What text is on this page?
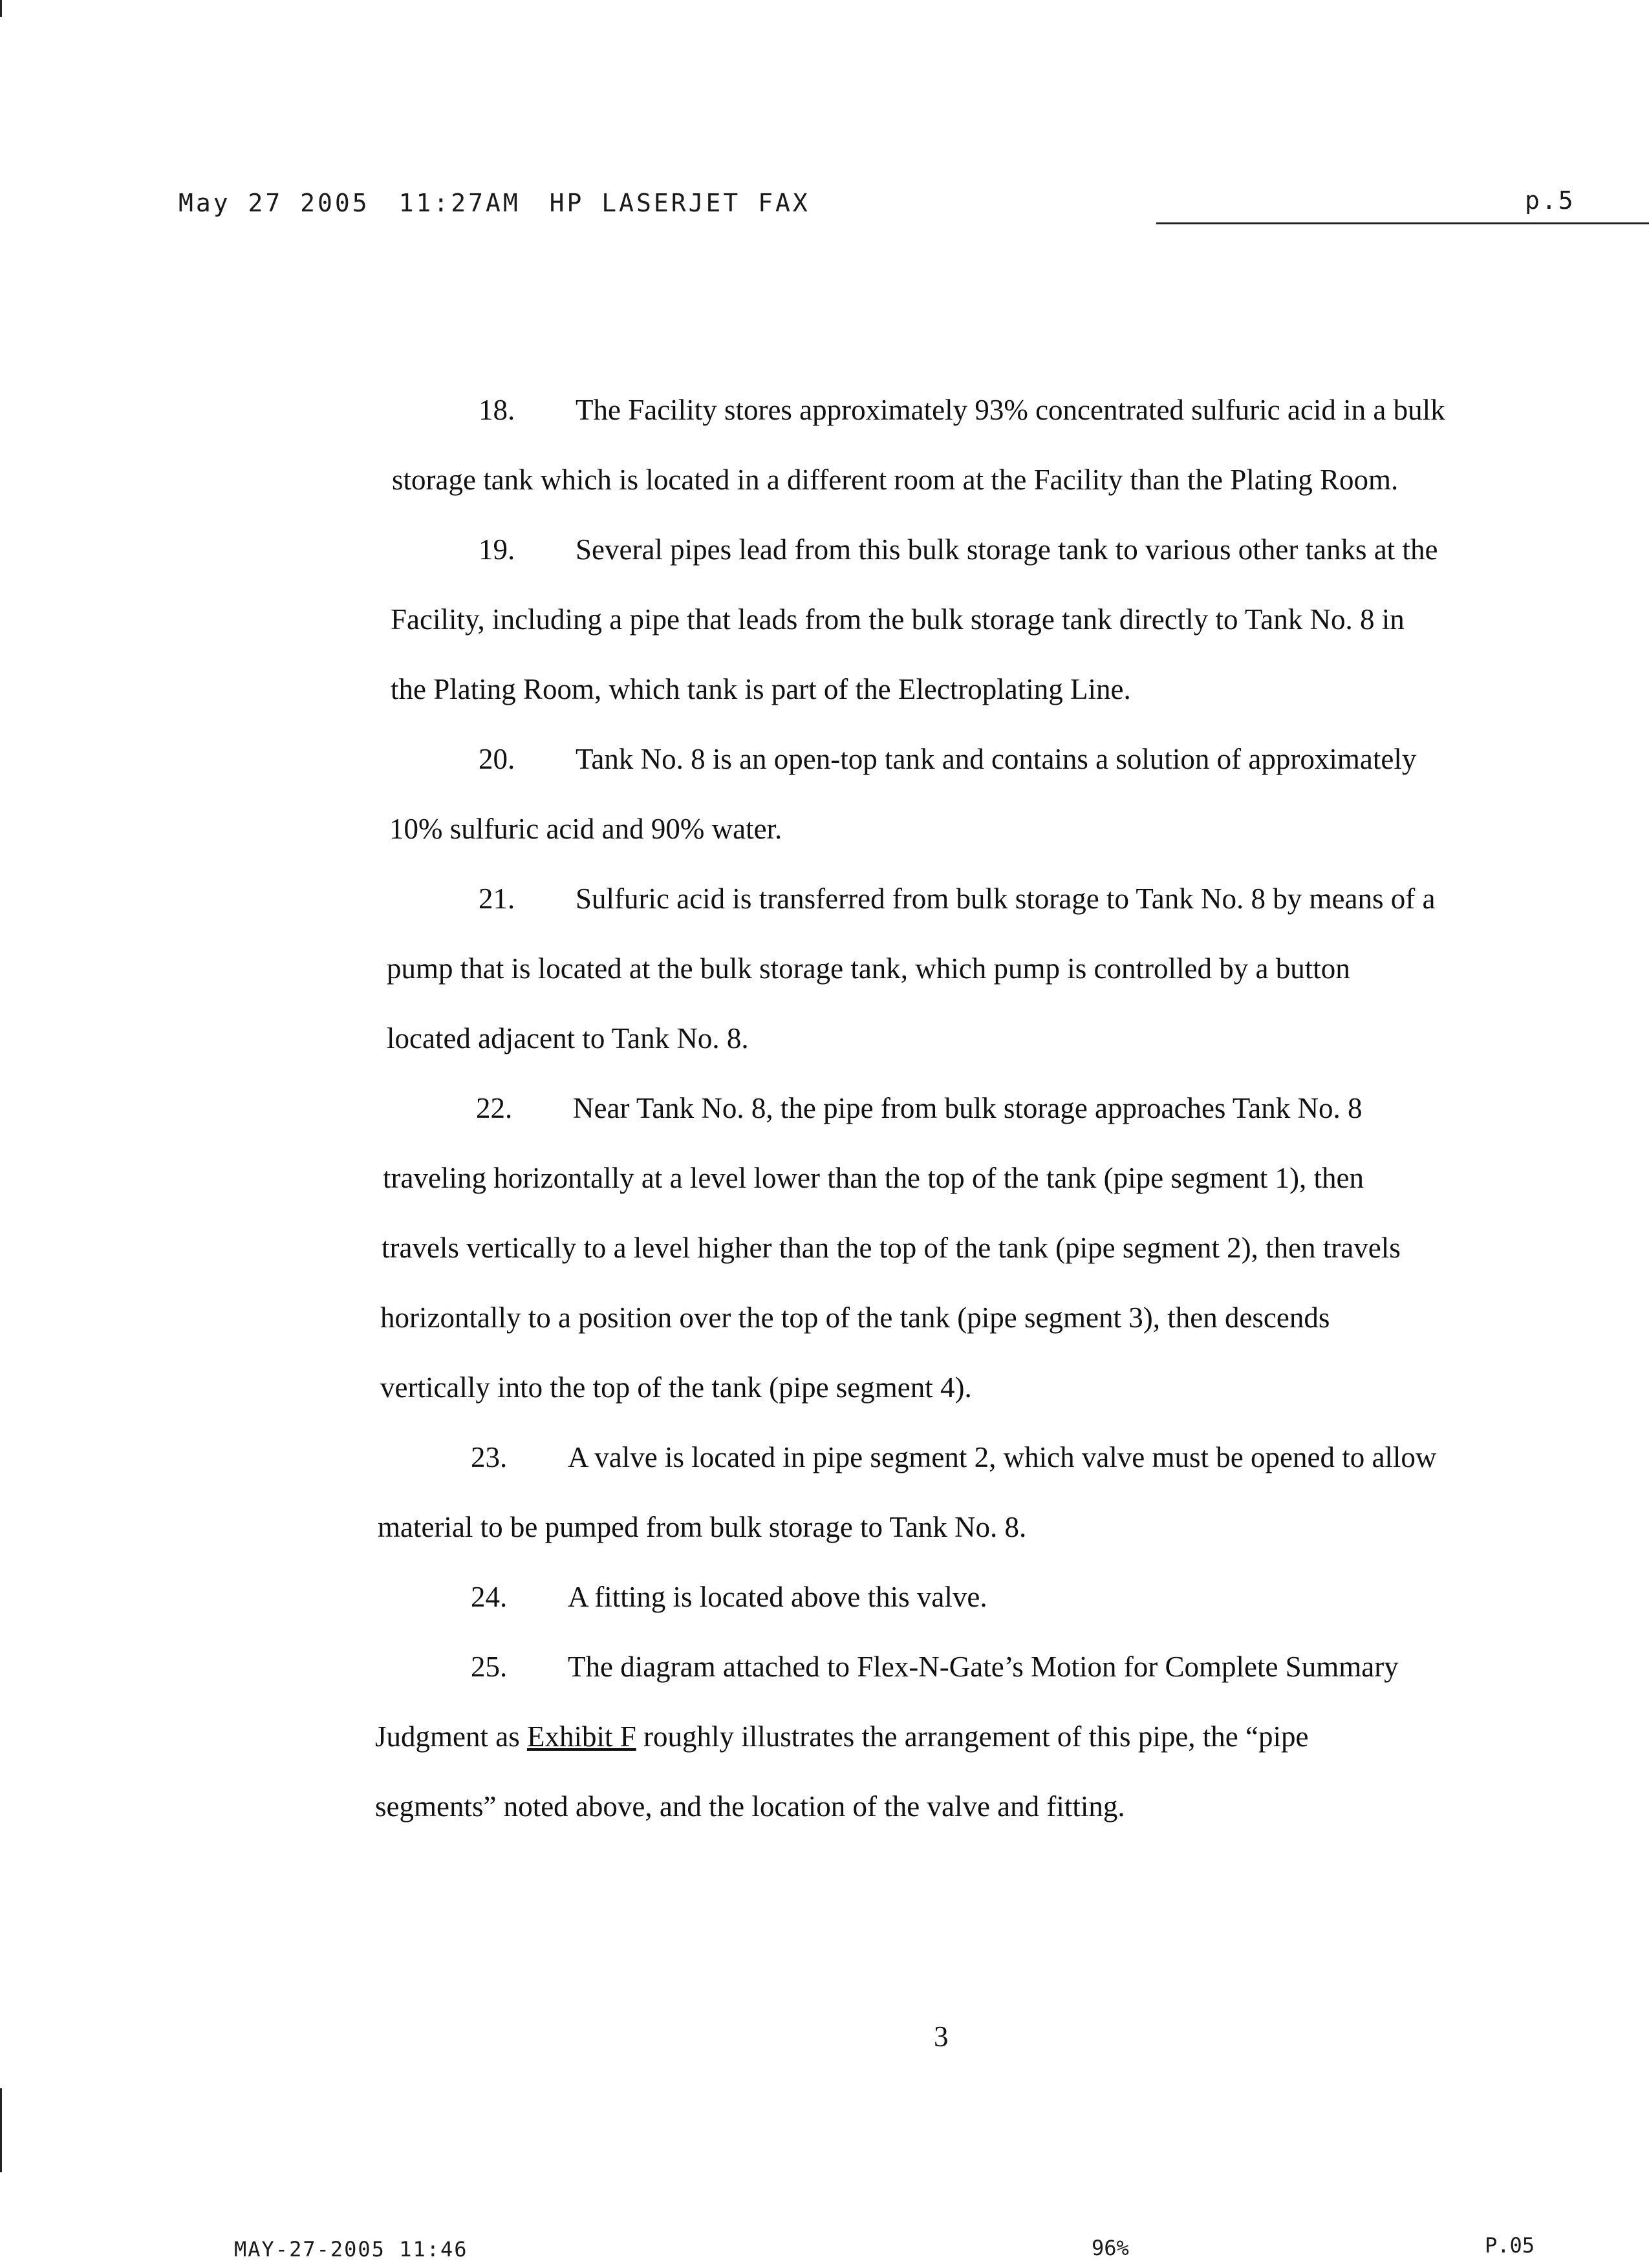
May 27 2005 11:27AM HP LASERJET FAX	p.5
18. The Facility stores approximately 93% concentrated sulfuric acid in a bulk
storage tank which is located in a different room at the Facility than the Plating Room.
19. Several pipes lead from this bulk storage tank to various other tanks at the
Facility, including a pipe that leads from the bulk storage tank directly to Tank No. 8 in
the Plating Room, which tank is part of the Electroplating Line.
20. Tank No. 8 is an open-top tank and contains a solution of approximately
10% sulfuric acid and 90% water.
21. Sulfuric acid is transferred from bulk storage to Tank No. 8 by means of a
pump that is located at the bulk storage tank, which pump is controlled by a button
located adjacent to Tank No. 8.
22. Near Tank No. 8, the pipe from bulk storage approaches Tank No. 8
traveling horizontally at a level lower than the top of the tank (pipe segment 1), then
travels vertically to a level higher than the top of the tank (pipe segment 2), then travels
horizontally to a position over the top of the tank (pipe segment 3), then descends
vertically into the top of the tank (pipe segment 4).
23. A valve is located in pipe segment 2, which valve must be opened to allow
material to be pumped from bulk storage to Tank No. 8.
24. A fitting is located above this valve.
25. The diagram attached to Flex-N-Gate’s Motion for Complete Summary
Judgment as Exhibit F roughly illustrates the arrangement of this pipe, the “pipe
segments” noted above, and the location of the valve and fitting.
3
MAY-27-2005 11:46	96%	P.05
